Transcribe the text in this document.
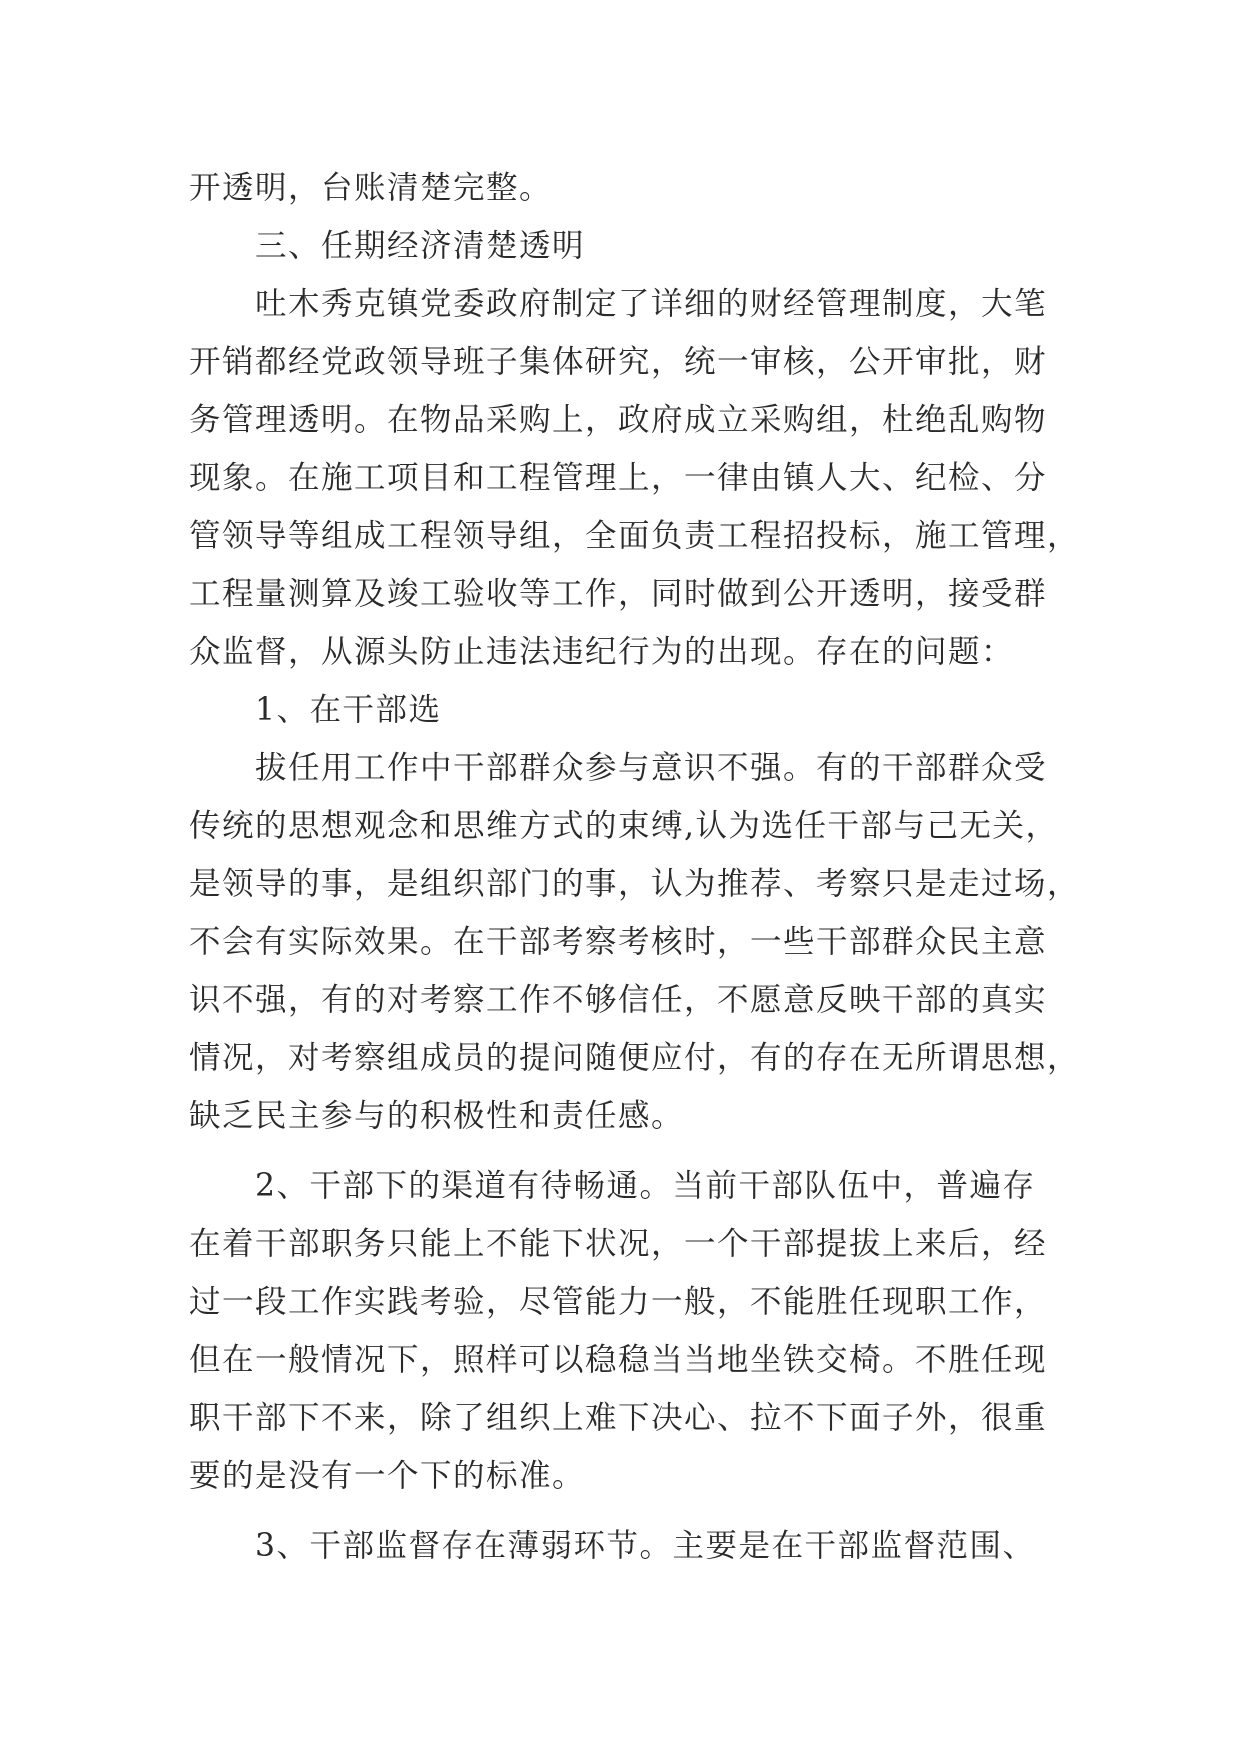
开透明，台账清楚完整。
三、任期经济清楚透明
吐木秀克镇党委政府制定了详细的财经管理制度，大笔
开销都经党政领导班子集体研究，统一审核，公开审批，财
务管理透明。在物品采购上，政府成立采购组，杜绝乱购物
现象。在施工项目和工程管理上，一律由镇人大、纪检、分
管领导等组成工程领导组，全面负责工程招投标，施工管理，
工程量测算及竣工验收等工作，同时做到公开透明，接受群
众监督，从源头防止违法违纪行为的出现。存在的问题：
1、在干部选
拔任用工作中干部群众参与意识不强。有的干部群众受
传统的思想观念和思维方式的束缚,认为选任干部与己无关，
是领导的事，是组织部门的事，认为推荐、考察只是走过场，
不会有实际效果。在干部考察考核时，一些干部群众民主意
识不强，有的对考察工作不够信任，不愿意反映干部的真实
情况，对考察组成员的提问随便应付，有的存在无所谓思想，
缺乏民主参与的积极性和责任感。
2、干部下的渠道有待畅通。当前干部队伍中，普遍存
在着干部职务只能上不能下状况，一个干部提拔上来后，经
过一段工作实践考验，尽管能力一般，不能胜任现职工作，
但在一般情况下，照样可以稳稳当当地坐铁交椅。不胜任现
职干部下不来，除了组织上难下决心、拉不下面子外，很重
要的是没有一个下的标准。
3、干部监督存在薄弱环节。主要是在干部监督范围、
